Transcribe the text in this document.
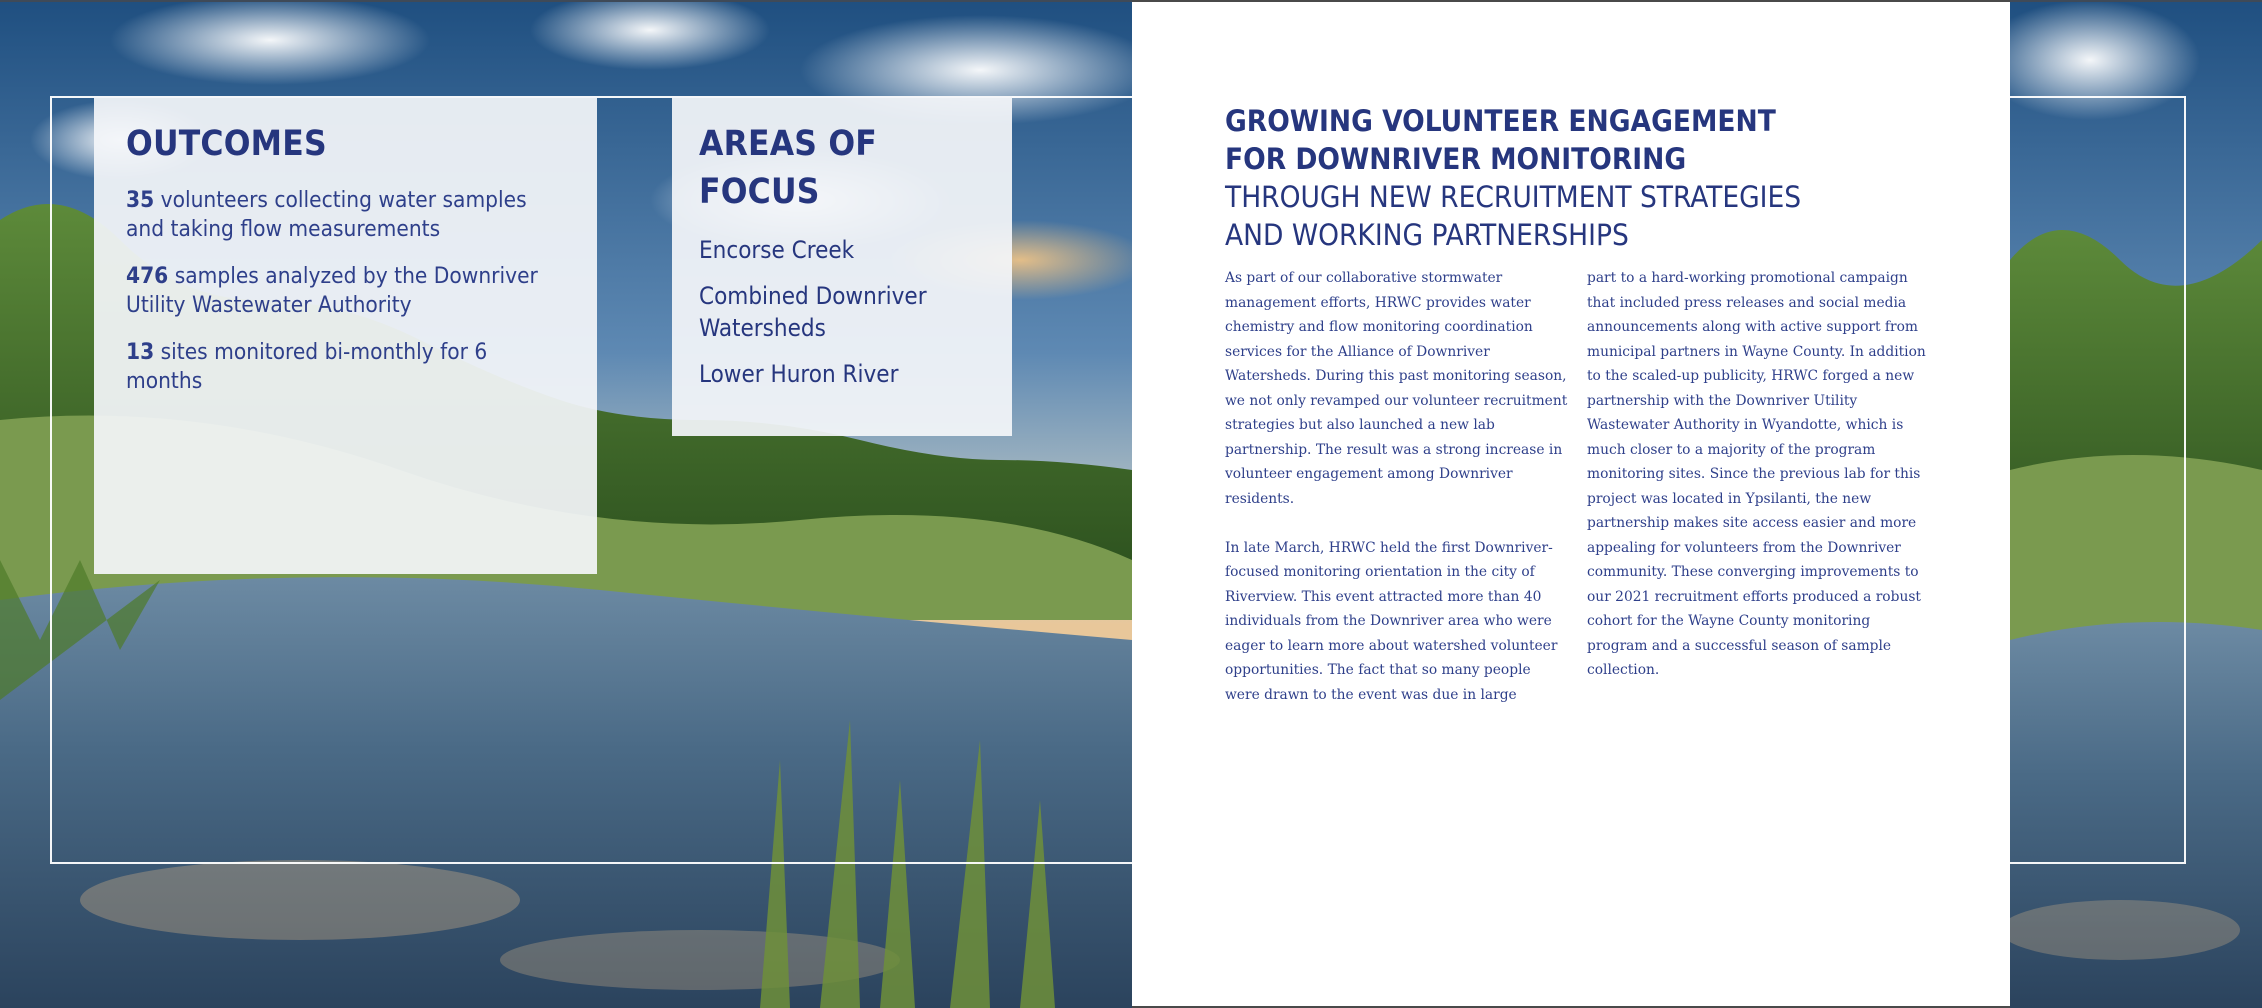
OUTCOMES
35 volunteers collecting water samples and taking flow measurements
476 samples analyzed by the Downriver Utility Wastewater Authority
13 sites monitored bi-monthly for 6 months
AREAS OF FOCUS
Encorse Creek
Combined Downriver Watersheds
Lower Huron River
GROWING VOLUNTEER ENGAGEMENT
FOR DOWNRIVER MONITORING
THROUGH NEW RECRUITMENT STRATEGIES
AND WORKING PARTNERSHIPS

As part of our collaborative stormwater management efforts, HRWC provides water chemistry and flow monitoring coordination services for the Alliance of Downriver Watersheds. During this past monitoring season, we not only revamped our volunteer recruitment strategies but also launched a new lab partnership. The result was a strong increase in volunteer engagement among Downriver residents.

In late March, HRWC held the first Downriver-focused monitoring orientation in the city of Riverview. This event attracted more than 40 individuals from the Downriver area who were eager to learn more about watershed volunteer opportunities. The fact that so many people were drawn to the event was due in large

part to a hard-working promotional campaign that included press releases and social media announcements along with active support from municipal partners in Wayne County. In addition to the scaled-up publicity, HRWC forged a new partnership with the Downriver Utility Wastewater Authority in Wyandotte, which is much closer to a majority of the program monitoring sites. Since the previous lab for this project was located in Ypsilanti, the new partnership makes site access easier and more appealing for volunteers from the Downriver community. These converging improvements to our 2021 recruitment efforts produced a robust cohort for the Wayne County monitoring program and a successful season of sample collection.
